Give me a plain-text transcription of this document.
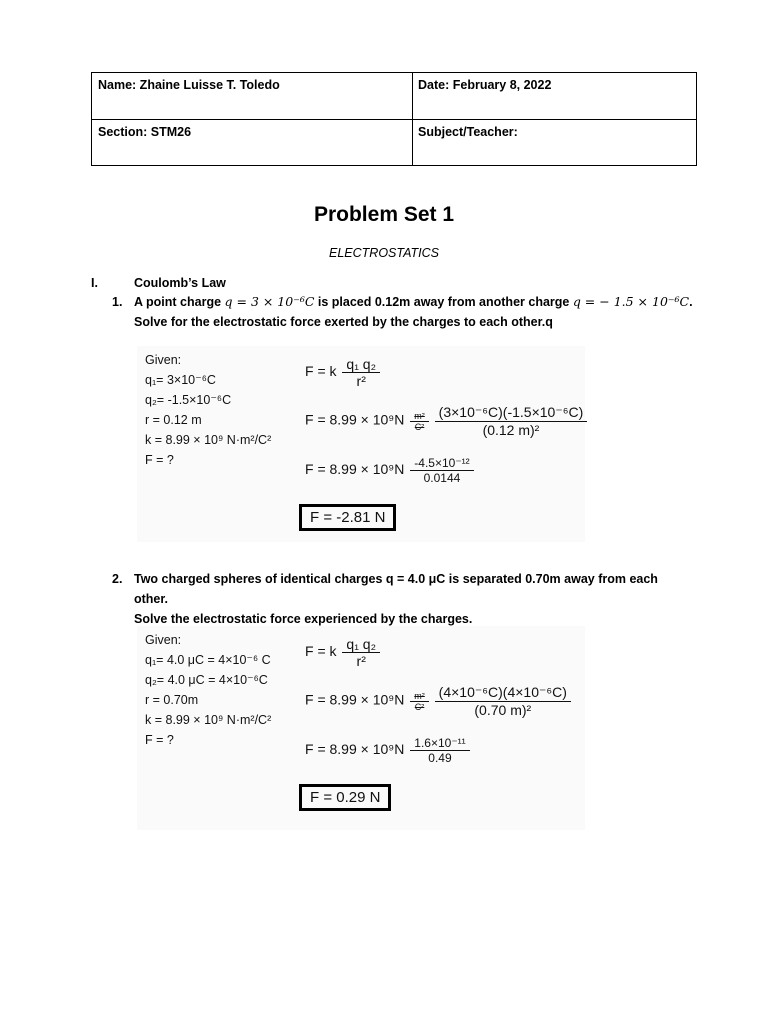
Name: Zhaine Luisse T. Toledo	Date: February 8, 2022
Section: STM26	Subject/Teacher:
Problem Set 1
ELECTROSTATICS
I.	Coulomb’s Law
1. A point charge q = 3 × 10⁻⁶C is placed 0.12m away from another charge q = − 1.5 × 10⁻⁶C.
Solve for the electrostatic force exerted by the charges to each other.q
Given:
q₁= 3×10⁻⁶C
q₂= -1.5×10⁻⁶C
r = 0.12 m
k = 8.99 × 10⁹ N·m²/C²
F = ?
F = k $\frac{\text{q₁ q₂}}{\text{r²}}$
$F = 8.99 \times 10^9N \frac{\text{m²}}{\text{C²}}$
$\frac{\text{(3×10⁻⁶C)(-1.5×10⁻⁶C)}}{\text{(0.12 m)²}}$
$F = 8.99 \times 10^9N \frac{\text{-4.5×10⁻¹²}}{0.0144}$
F = -2.81 N
2. Two charged spheres of identical charges q = 4.0 μC is separated 0.70m away from each other.
Solve the electrostatic force experienced by the charges.
Given:
q₁= 4.0 μC = 4×10⁻⁶ C
q₂= 4.0 μC = 4×10⁻⁶C
r = 0.70m
k = 8.99 × 10⁹ N·m²/C²
F = ?
F = k $\frac{\text{q₁ q₂}}{\text{r²}}$
$F = 8.99 \times 10^9N \frac{\text{m²}}{\text{C²}}$
$\frac{\text{(4×10⁻⁶C)(4×10⁻⁶C)}}{\text{(0.70 m)²}}$
$F = 8.99 \times 10^9N \frac{\text{1.6×10⁻¹¹}}{0.49}$
F = 0.29 N
